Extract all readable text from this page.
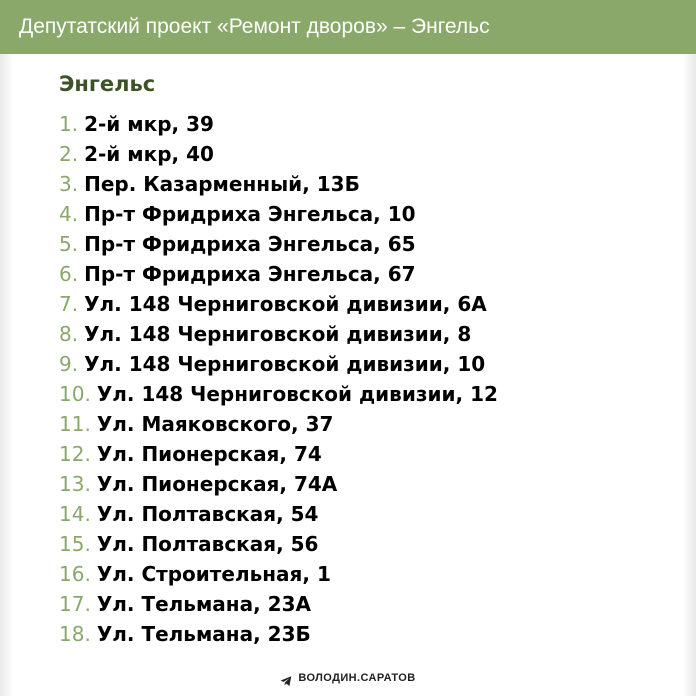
Депутатский проект «Ремонт дворов» – Энгельс
Энгельс
1. 2-й мкр, 39
2. 2-й мкр, 40
3. Пер. Казарменный, 13Б
4. Пр-т Фридриха Энгельса, 10
5. Пр-т Фридриха Энгельса, 65
6. Пр-т Фридриха Энгельса, 67
7. Ул. 148 Черниговской дивизии, 6А
8. Ул. 148 Черниговской дивизии, 8
9. Ул. 148 Черниговской дивизии, 10
10. Ул. 148 Черниговской дивизии, 12
11. Ул. Маяковского, 37
12. Ул. Пионерская, 74
13. Ул. Пионерская, 74А
14. Ул. Полтавская, 54
15. Ул. Полтавская, 56
16. Ул. Строительная, 1
17. Ул. Тельмана, 23А
18. Ул. Тельмана, 23Б
ВОЛОДИН.САРАТОВ
